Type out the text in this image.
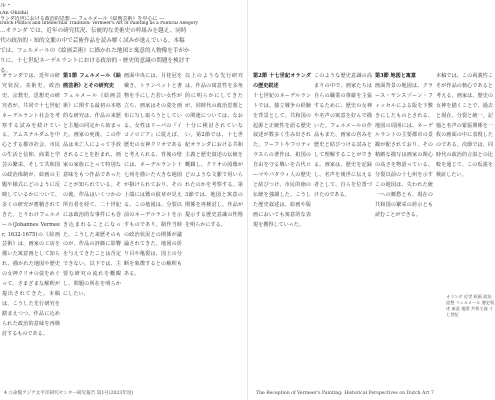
ル・
(An Okishi)
ランダ近世における政治的思想 ― フェルメール《絵画芸術》を中心に ―
Dutch Politics and Intellectual Tradition: Vermeer's Art of Painting as a Political Allegory
…オランダ では、近年の研究状況、伝統的な美術史の枠組みを越え、同時代の政治的・知的文脈の中で芸術作品を読み解く試みが進んでいる。本稿では、フェルメールの《絵画芸術》に描かれた地図と寓意的人物像を手がかりに、十七世紀ネーデルラントにおける政治的・歴史的意識の問題を検討する。

オランダでは、近年の研究状況、美術史、政治史、宗教史、思想史の研究者が、共同で十七世紀ネーデルラント社会を考察する試みを続けている。アムステルダムを中心とする都市社会、市民の生活と信仰、商業と学芸の繁栄、そして共和国の政治体制が、絵画の主題や様式にどのように反映しているかについて、多くの研究が蓄積されてきた。とりわけフェルメール(Johannes Vermeer, 1632-1675)の《絵画芸術》は、画家の工房を描いた寓意画として知られ、描かれた地図や歴史の女神クリオの姿をめぐって、さまざまな解釈が提出されてきた。本稿は、こうした先行研究を踏まえつつ、作品に込められた政治的意味を再検討するものである。

第1節 フェルメール《絵画芸術》とその研究史

フェルメール《絵画芸術》に関する最初の本格的な研究は、作品の来歴と主題の同定から始まった。画家の死後、この作品は未亡人によって手放されることを拒まれ、画家の家族にとって特別な意味をもつ作品であったことが知られている。その後、作品はいくつかの所有者を経て、二十世紀には政治的な事件にも巻き込まれることになった。こうした来歴そのものが、作品の評価に影響を与えてきたことは否定できない。以下では、主要な研究の流れを概観し、問題の所在を明らかにしたい。

画面中央には、月桂冠を戴き、トランペットと書物を手にした若い女性が立ち、画家はその姿を画布に写し取ろうとしている。女性はリーパの『イコノロジア』に従えば、歴史の女神クリオであると考えられる。背後の壁には、ネーデルラント十七州を描いた大きな地図が掛けられており、その上端には鷲の紋章が見える。この地図は、分裂以前のネーデルラントを示すものであり、制作当時の政治状況との関係が議論されてきた。地図の折り目や亀裂は、国土の分断を象徴するとの解釈もある。

以上のような先行研究は、作品の寓意性を多角的に明らかにしてきたが、同時代の政治思想との関連については、なお十分に検討されていない。第2節では、十七世紀オランダにおける共和主義と歴史叙述の伝統を概観し、クリオの図像がどのような文脈で用いられたのかを考察する。第3節では、地図と寓意の関係を再検討し、作品が提示する歴史意識の性格を明らかにする。

第2節 十七世紀オランダの歴史叙述

十七世紀のネーデルラントでは、独立戦争の経験を背景として、共和国の起源と正統性を語る歴史叙述が数多く生み出された。フーフトやフロティウスらの著作は、祖国の自由を守る戦いを古代ローマやバタウィ人の歴史と結びつけ、市民的徳の伝統を強調した。こうした歴史叙述は、絵画や版画においても寓意的な表現を獲得していった。

このような歴史意識の高まりの中で、画家たちは自らの職業の尊厳を主張するために、歴史の女神や名声の寓意を好んで描いた。フェルメールの作品もまた、画家の営みを歴史と結びつける試みとして理解することができる。画家は、歴史を記録し、名声を後世に伝える者として、自らを位置づけたのである。

第3節 地図と寓意

画面背景の地図は、クラース・ヤンスゾーン・フィッセルによる版を下敷きにしたものとされる。地図の周囲には、ネーデルラントの主要都市の景観が配されており、その精緻な描写は画家の関心の高さを物語っている。分裂以前の十七州を示すこの地図は、失われた統一への郷愁とも、現在の共和国の繁栄の誇示とも読むことができる。

本稿では、この両義性こそが作品の核心であると考える。画家は、歴史の女神を描くことで、過去と現在、分裂と統一、記憶と名声の緊張関係を一枚の画面の中に表現したのである。次節では、同時代の政治的言説との比較を通じて、この仮説を検証したい。

オランダ 近世 絵画 政治思想 フェルメール 歴史叙述 寓意 地図 共和主義 十七世紀
4 立命館アジア太平洋研究センター研究報告 第1号(2023年度)	The Reception of Vermeer's Painting: Historical Perspectives on Dutch Art 7
